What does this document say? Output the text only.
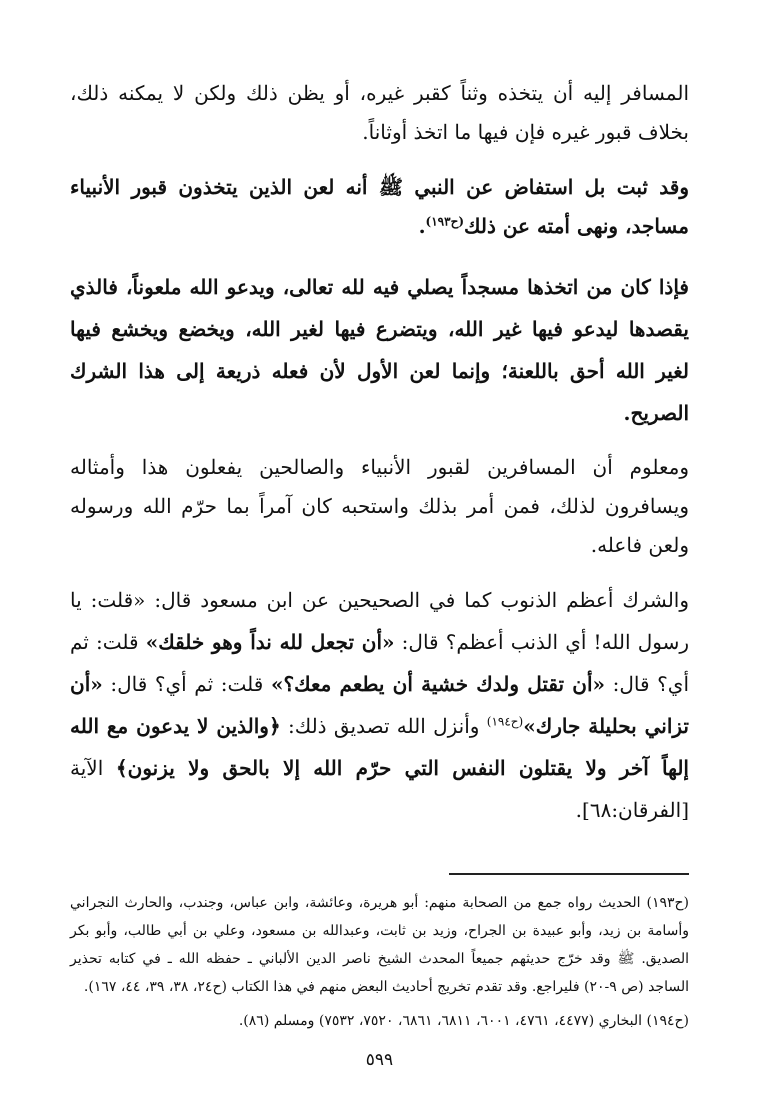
المسافر إليه أن يتخذه وثناً كقبر غيره، أو يظن ذلك ولكن لا يمكنه ذلك، بخلاف قبور غيره فإن فيها ما اتخذ أوثاناً.

وقد ثبت بل استفاض عن النبي ﷺ أنه لعن الذين يتخذون قبور الأنبياء مساجد، ونهى أمته عن ذلك$^{(ح١٩٣)}$.

فإذا كان من اتخذها مسجداً يصلي فيه لله تعالى، ويدعو الله ملعوناً، فالذي يقصدها ليدعو فيها غير الله، ويتضرع فيها لغير الله، ويخضع ويخشع فيها لغير الله أحق باللعنة؛ وإنما لعن الأول لأن فعله ذريعة إلى هذا الشرك الصريح.

ومعلوم أن المسافرين لقبور الأنبياء والصالحين يفعلون هذا وأمثاله ويسافرون لذلك، فمن أمر بذلك واستحبه كان آمراً بما حرّم الله ورسوله ولعن فاعله.

والشرك أعظم الذنوب كما في الصحيحين عن ابن مسعود قال: «قلت: يا رسول الله! أي الذنب أعظم؟ قال: «أن تجعل لله نداً وهو خلقك» قلت: ثم أي؟ قال: «أن تقتل ولدك خشية أن يطعم معك؟» قلت: ثم أي؟ قال: «أن تزاني بحليلة جارك»$^{(ح١٩٤)}$ وأنزل الله تصديق ذلك: ﴿والذين لا يدعون مع الله إلهاً آخر ولا يقتلون النفس التي حرّم الله إلا بالحق ولا يزنون﴾ الآية [الفرقان:٦٨].

(ح١٩٣) الحديث رواه جمع من الصحابة منهم: أبو هريرة، وعائشة، وابن عباس، وجندب، والحارث النجراني وأسامة بن زيد، وأبو عبيدة بن الجراح، وزيد بن ثابت، وعبدالله بن مسعود، وعلي بن أبي طالب، وأبو بكر الصديق. ﷺ وقد خرّج حديثهم جميعاً المحدث الشيخ ناصر الدين الألباني ـ حفظه الله ـ في كتابه تحذير الساجد (ص ٩-٢٠) فليراجع. وقد تقدم تخريج أحاديث البعض منهم في هذا الكتاب (ح٢٤، ٣٨، ٣٩، ٤٤، ١٦٧).

(ح١٩٤) البخاري (٤٤٧٧، ٤٧٦١، ٦٠٠١، ٦٨١١، ٦٨٦١، ٧٥٢٠، ٧٥٣٢) ومسلم (٨٦).

٥٩٩
